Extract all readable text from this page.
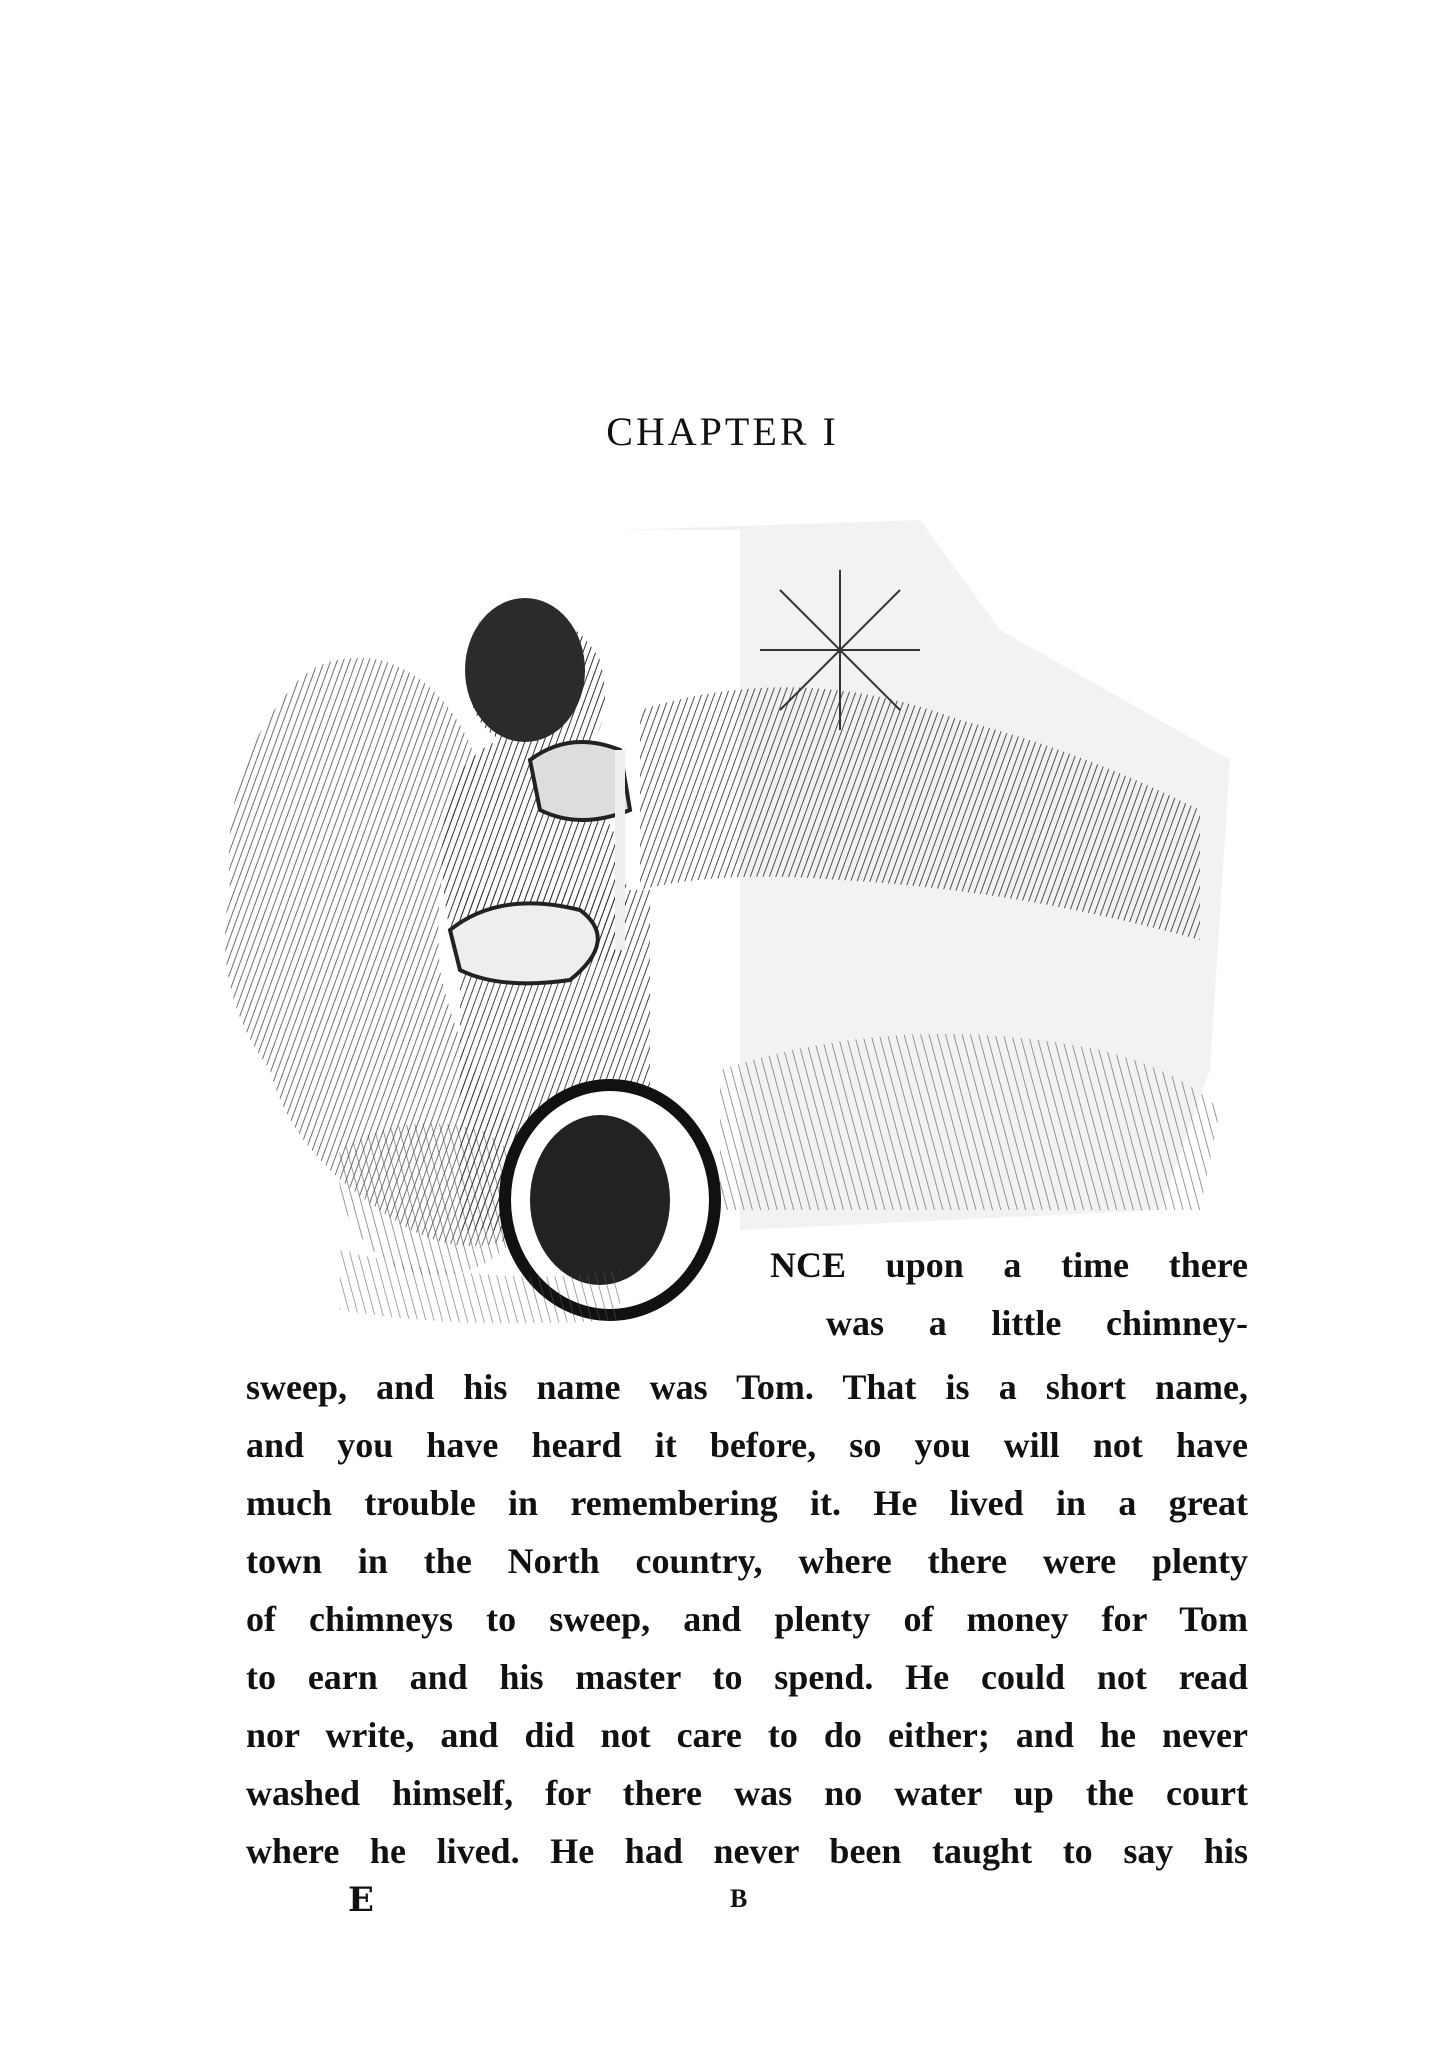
CHAPTER I
NCE upon a time there
was a little chimney-
sweep, and his name was Tom. That is a short name,
and you have heard it before, so you will not have
much trouble in remembering it. He lived in a great
town in the North country, where there were plenty
of chimneys to sweep, and plenty of money for Tom
to earn and his master to spend. He could not read
nor write, and did not care to do either; and he never
washed himself, for there was no water up the court
where he lived. He had never been taught to say his
E	B
